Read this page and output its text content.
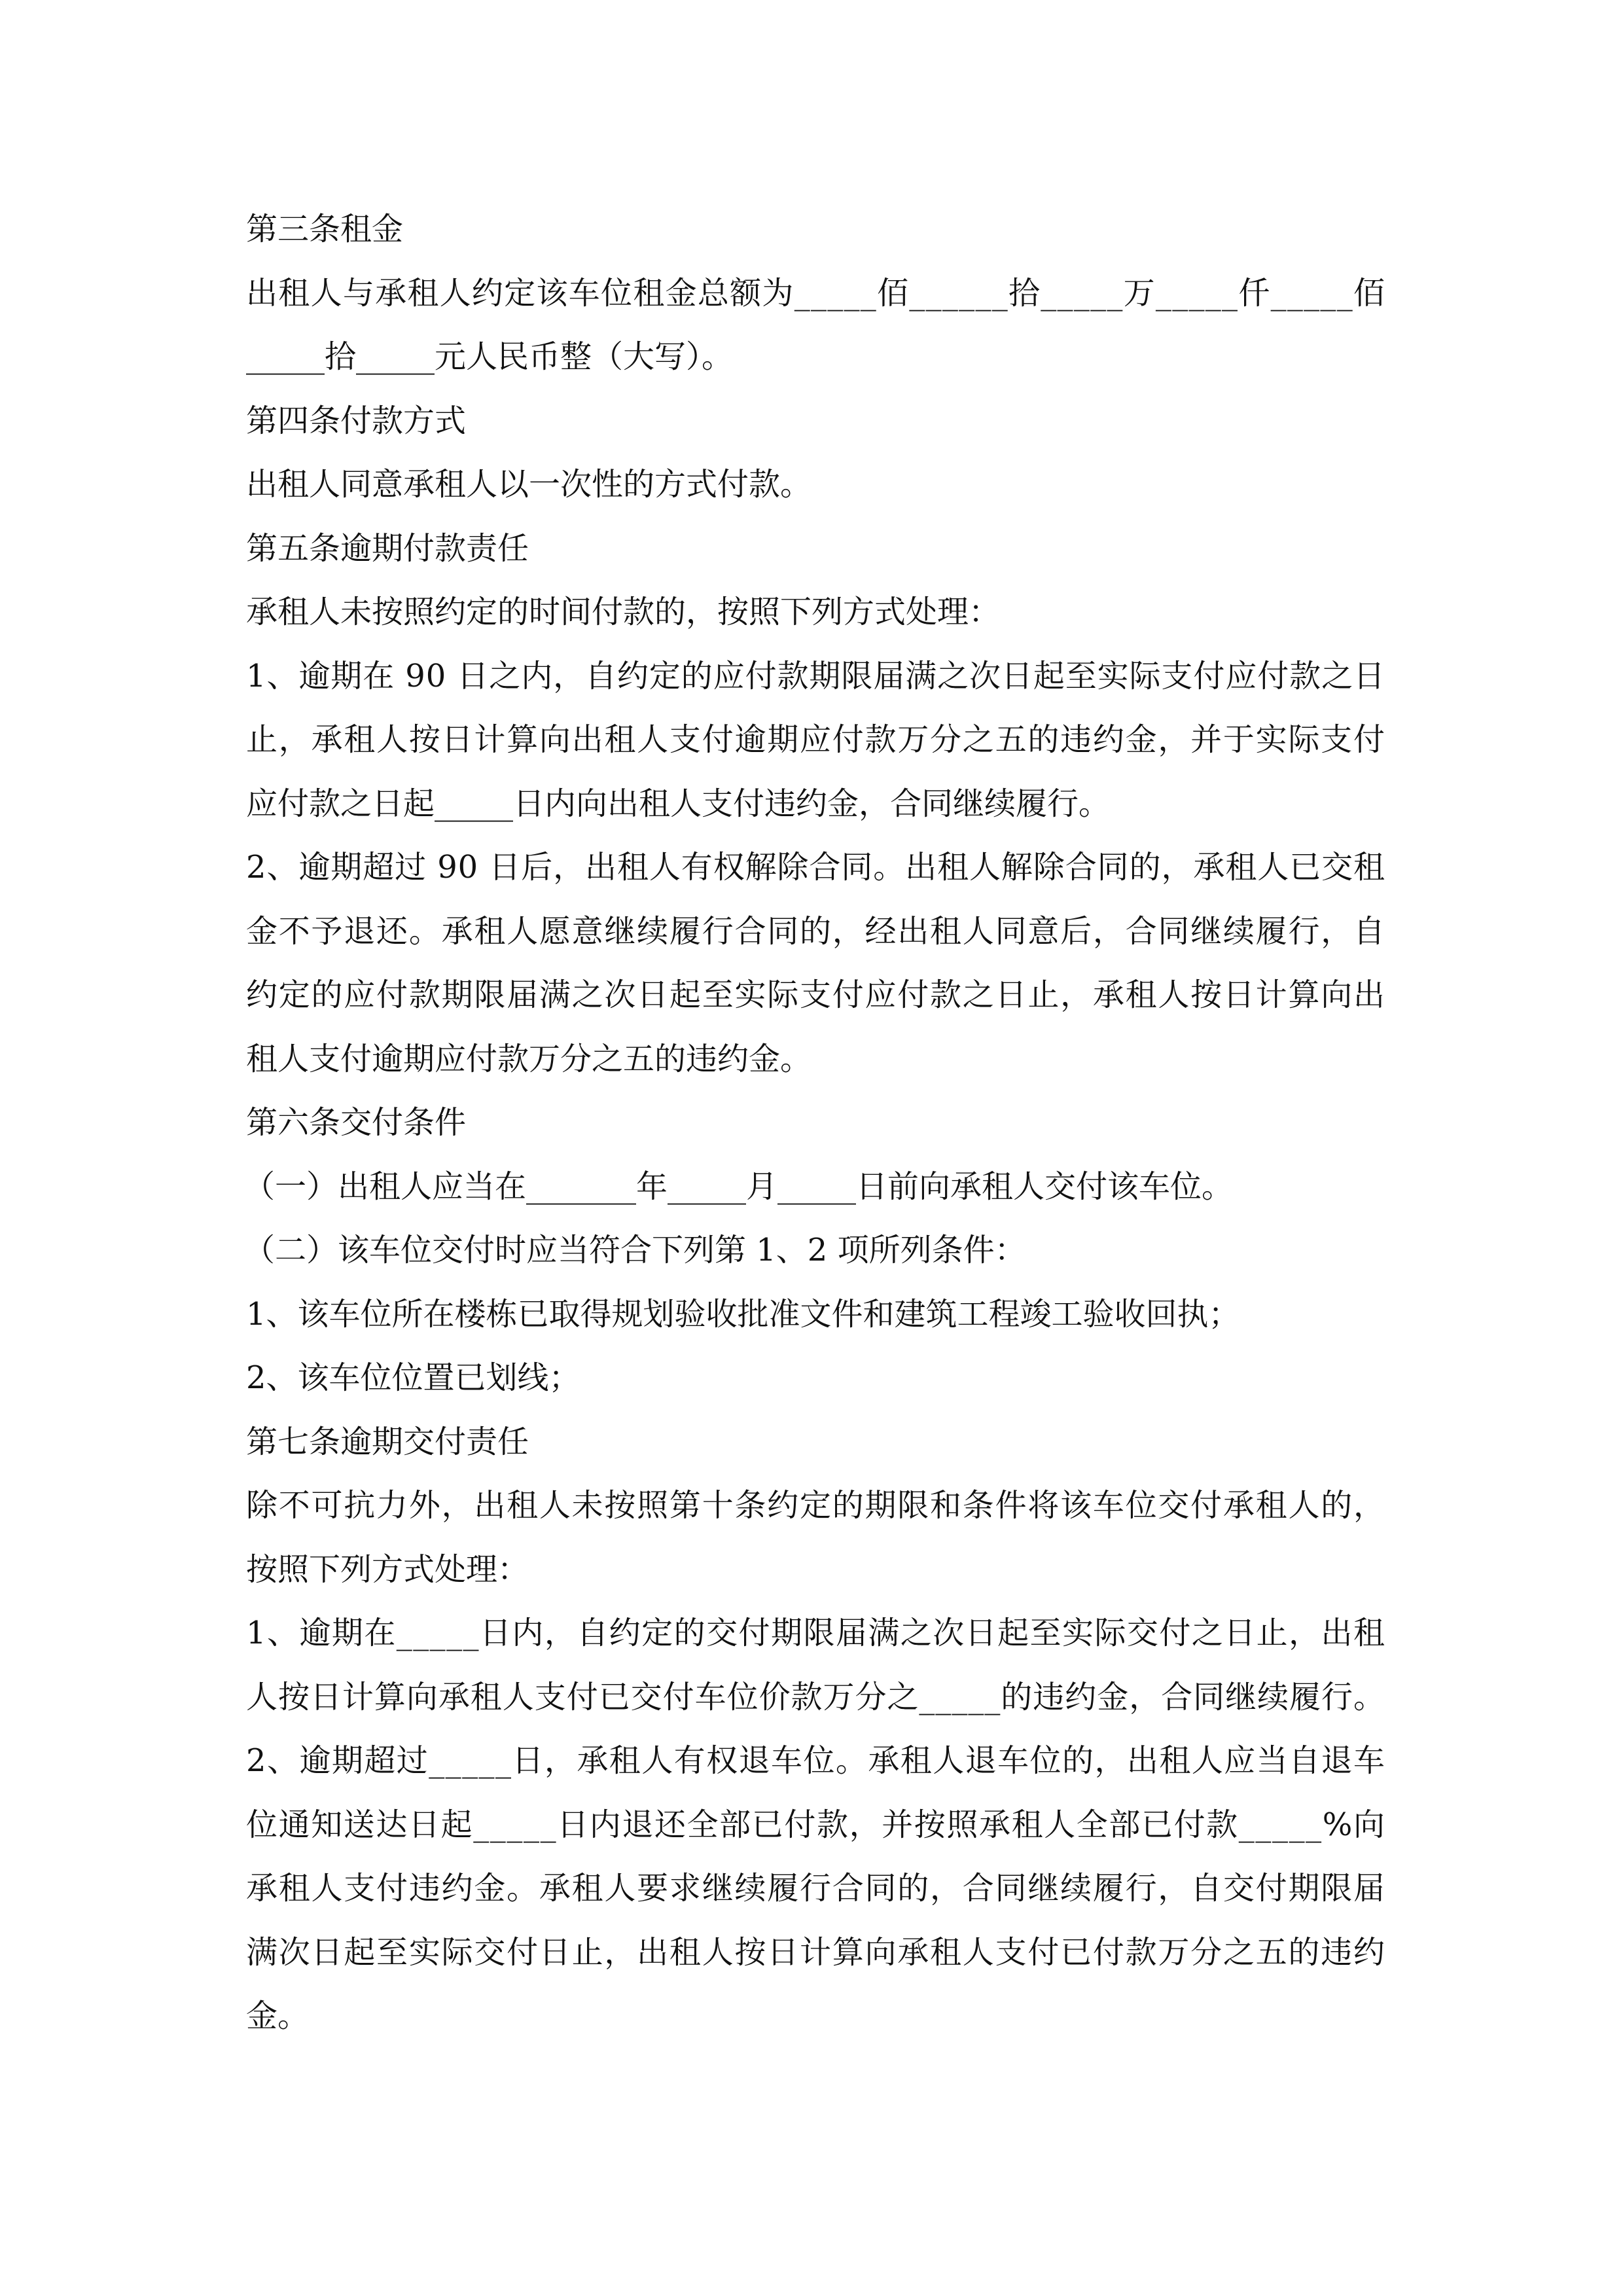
第三条租金
出租人与承租人约定该车位租金总额为_____佰______拾_____万_____仟_____佰
_____拾_____元人民币整（大写）。
第四条付款方式
出租人同意承租人以一次性的方式付款。
第五条逾期付款责任
承租人未按照约定的时间付款的，按照下列方式处理：
1、逾期在 90 日之内，自约定的应付款期限届满之次日起至实际支付应付款之日
止，承租人按日计算向出租人支付逾期应付款万分之五的违约金，并于实际支付
应付款之日起_____日内向出租人支付违约金，合同继续履行。
2、逾期超过 90 日后，出租人有权解除合同。出租人解除合同的，承租人已交租
金不予退还。承租人愿意继续履行合同的，经出租人同意后，合同继续履行，自
约定的应付款期限届满之次日起至实际支付应付款之日止，承租人按日计算向出
租人支付逾期应付款万分之五的违约金。
第六条交付条件
（一）出租人应当在_______年_____月_____日前向承租人交付该车位。
（二）该车位交付时应当符合下列第 1、2 项所列条件：
1、该车位所在楼栋已取得规划验收批准文件和建筑工程竣工验收回执；
2、该车位位置已划线；
第七条逾期交付责任
除不可抗力外，出租人未按照第十条约定的期限和条件将该车位交付承租人的，
按照下列方式处理：
1、逾期在_____日内，自约定的交付期限届满之次日起至实际交付之日止，出租
人按日计算向承租人支付已交付车位价款万分之_____的违约金，合同继续履行。
2、逾期超过_____日，承租人有权退车位。承租人退车位的，出租人应当自退车
位通知送达日起_____日内退还全部已付款，并按照承租人全部已付款_____%向
承租人支付违约金。承租人要求继续履行合同的，合同继续履行，自交付期限届
满次日起至实际交付日止，出租人按日计算向承租人支付已付款万分之五的违约
金。
